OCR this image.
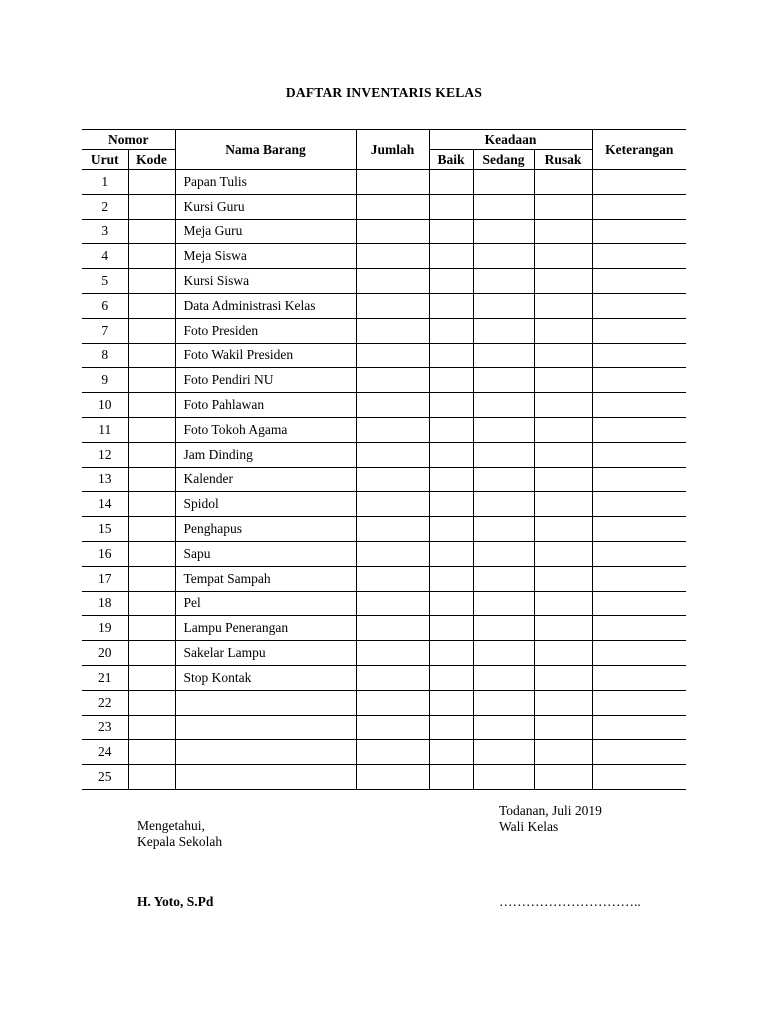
DAFTAR INVENTARIS KELAS
Nomor		Nama Barang	Jumlah	Keadaan			Keterangan
Urut	Kode			Baik	Sedang	Rusak	
1		Papan Tulis					
2		Kursi Guru					
3		Meja Guru					
4		Meja Siswa					
5		Kursi Siswa					
6		Data Administrasi Kelas					
7		Foto Presiden					
8		Foto Wakil Presiden					
9		Foto Pendiri NU					
10		Foto Pahlawan					
11		Foto Tokoh Agama					
12		Jam Dinding					
13		Kalender					
14		Spidol					
15		Penghapus					
16		Sapu					
17		Tempat Sampah					
18		Pel					
19		Lampu Penerangan					
20		Sakelar Lampu					
21		Stop Kontak					
22							
23							
24							
25							
Todanan, Juli 2019
Wali Kelas
Mengetahui,
Kepala Sekolah
H. Yoto, S.Pd	…………………………..
